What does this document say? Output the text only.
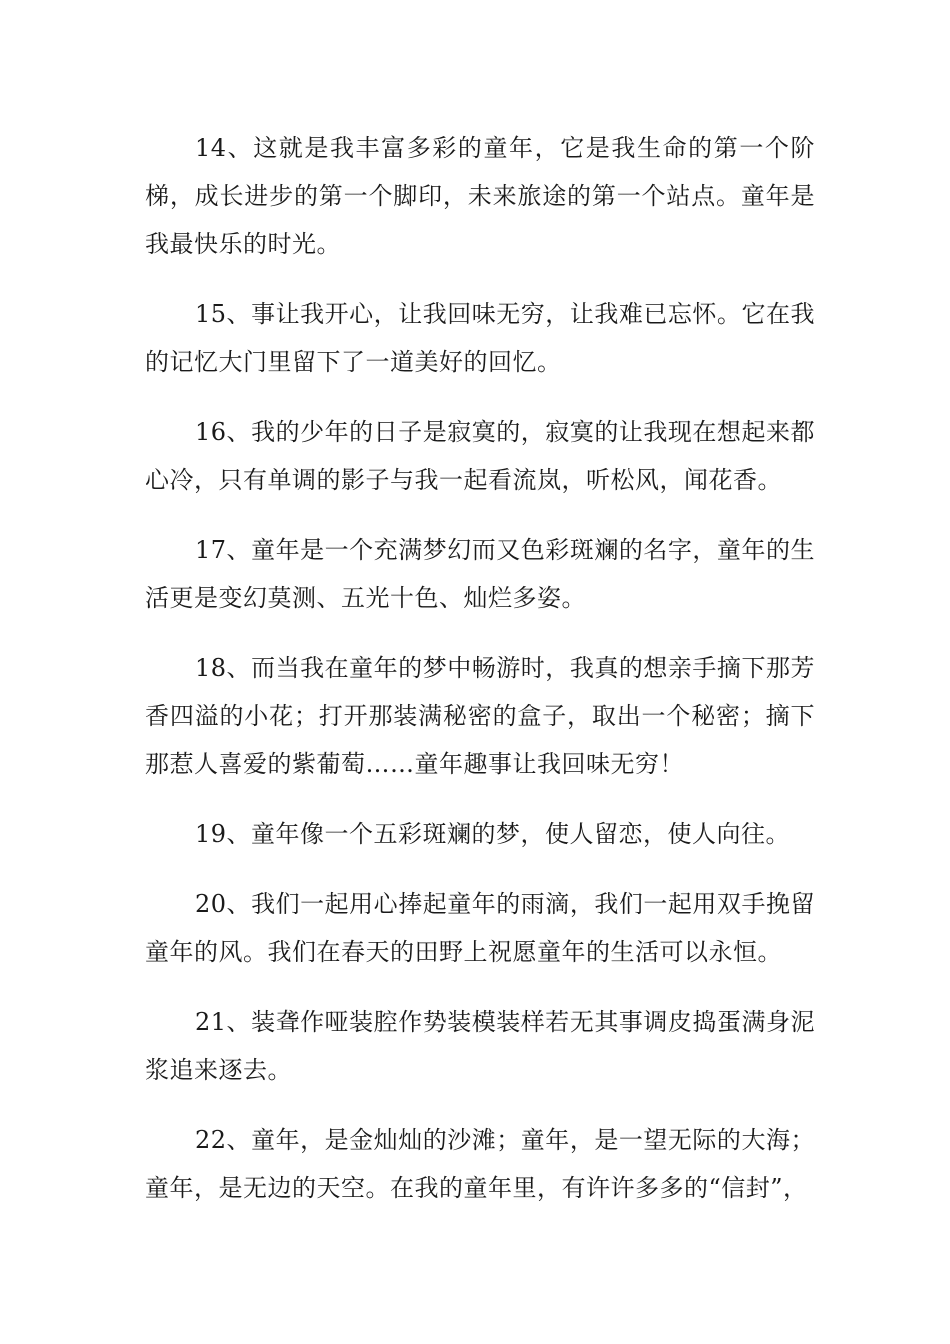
14、这就是我丰富多彩的童年，它是我生命的第一个阶梯，成长进步的第一个脚印，未来旅途的第一个站点。童年是我最快乐的时光。

15、事让我开心，让我回味无穷，让我难已忘怀。它在我的记忆大门里留下了一道美好的回忆。

16、我的少年的日子是寂寞的，寂寞的让我现在想起来都心冷，只有单调的影子与我一起看流岚，听松风，闻花香。

17、童年是一个充满梦幻而又色彩斑斓的名字，童年的生活更是变幻莫测、五光十色、灿烂多姿。

18、而当我在童年的梦中畅游时，我真的想亲手摘下那芳香四溢的小花；打开那装满秘密的盒子，取出一个秘密；摘下那惹人喜爱的紫葡萄……童年趣事让我回味无穷！

19、童年像一个五彩斑斓的梦，使人留恋，使人向往。

20、我们一起用心捧起童年的雨滴，我们一起用双手挽留童年的风。我们在春天的田野上祝愿童年的生活可以永恒。

21、装聋作哑装腔作势装模装样若无其事调皮捣蛋满身泥浆追来逐去。

22、童年，是金灿灿的沙滩；童年，是一望无际的大海；童年，是无边的天空。在我的童年里，有许许多多的“信封”，
